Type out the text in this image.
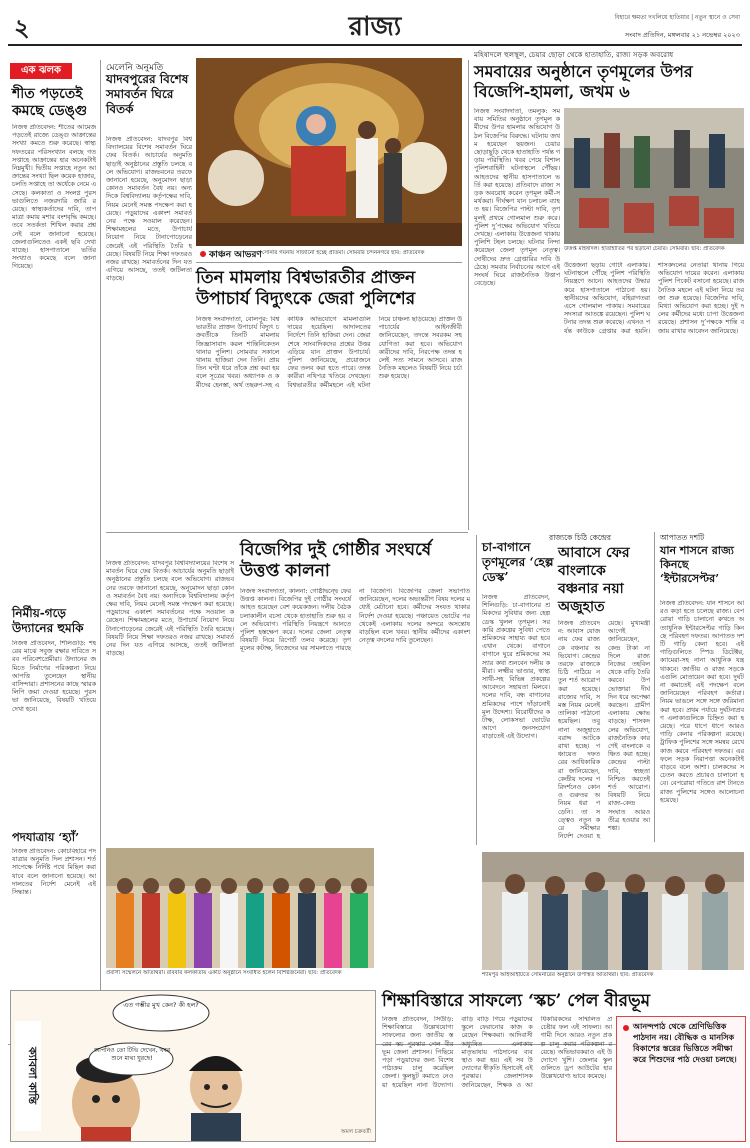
২	রাজ্য	বিহারে ক্ষমতা দখলিয়ে হাতিয়ার | নতুন স্থানে ও সেবা
সংবাদ প্রতিদিন, মঙ্গলবার ২১ নভেম্বর ২০২৩
এক ঝলক
শীত পড়তেই কমছে ডেঙ্গু
নিজস্ব প্রতিবেদন: শীতের আমেজ পড়তেই রাজ্যে ডেঙ্গু আক্রান্তের সংখ্যা কমতে শুরু করেছে। স্বাস্থ্য দফতরের পরিসংখ্যান বলছে গত সপ্তাহে আক্রান্তের হার অনেকটাই নিম্নমুখী। দ্বিতীয় সপ্তাহে নতুন আক্রান্তের সংখ্যা ছিল কয়েক হাজার, চলতি সপ্তাহে তা অর্ধেকে নেমে এসেছে। কলকাতা ও সংলগ্ন পুরসভাগুলিতে নজরদারি জারি রয়েছে। স্বাস্থ্যকর্তাদের দাবি, তাপমাত্রা কমায় মশার বংশবৃদ্ধি কমছে। তবে সতর্কতা শিথিল করার প্রশ্ন নেই বলে জানানো হয়েছে। জেলাগুলিতেও একই ছবি দেখা যাচ্ছে। হাসপাতালে ভর্তির সংখ্যাও কমেছে বলে জানা গিয়েছে।
নির্মীয়-গড়ে উদ্যানের হুমকি
নিজস্ব প্রতিবেদন, শিলিগুড়ি: শহরের মাঝে সবুজ রক্ষার দাবিতে সরব পরিবেশপ্রেমীরা। উদ্যানের জমিতে নির্মাণের পরিকল্পনা নিয়ে আপত্তি তুলেছেন স্থানীয় বাসিন্দারা। প্রশাসনের কাছে স্মারকলিপি জমা দেওয়া হয়েছে। পুরসভা জানিয়েছে, বিষয়টি খতিয়ে দেখা হবে।
পদযাত্রায় ‘হ্যাঁ’
নিজস্ব প্রতিবেদন: কোচবিহারে পদযাত্রার অনুমতি দিল প্রশাসন। শর্তসাপেক্ষে নির্দিষ্ট পথে মিছিল করা যাবে বলে জানানো হয়েছে। আদালতের নির্দেশ মেনেই এই সিদ্ধান্ত।
মেলেনি অনুমতি
যাদবপুরের বিশেষ সমাবর্তন ঘিরে বিতর্ক
নিজস্ব প্রতিবেদন: যাদবপুর বিশ্ববিদ্যালয়ের বিশেষ সমাবর্তন ঘিরে ফের বিতর্ক। আচার্যের অনুমতি ছাড়াই অনুষ্ঠানের প্রস্তুতি চলছে বলে অভিযোগ। রাজভবনের তরফে জানানো হয়েছে, অনুমোদন ছাড়া কোনও সমাবর্তন বৈধ নয়। অন্যদিকে বিশ্ববিদ্যালয় কর্তৃপক্ষের দাবি, নিয়ম মেনেই সমস্ত পদক্ষেপ করা হয়েছে। পড়ুয়াদের একাংশ সমাবর্তনের পক্ষে সওয়াল করেছেন। শিক্ষামহলের মতে, উপাচার্য নিয়োগ নিয়ে টানাপোড়েনের জেরেই এই পরিস্থিতি তৈরি হয়েছে। বিষয়টি নিয়ে শিক্ষা দফতরও নজর রাখছে। সমাবর্তনের দিন যত এগিয়ে আসছে, ততই জটিলতা বাড়ছে।
কাঞ্চন আভরণ সোনার গয়নায় সাজানো হচ্ছে প্রতিমা। সোমবার চন্দননগরে ছবি: প্রতিবেদক
তিন মামলায় বিশ্বভারতীর প্রাক্তন উপাচার্য বিদ্যুৎকে জেরা পুলিশের
নিজস্ব সংবাদদাতা, বোলপুর: বিশ্বভারতীর প্রাক্তন উপাচার্য বিদ্যুৎ চক্রবর্তীকে তিনটি মামলায় জিজ্ঞাসাবাদ করল শান্তিনিকেতন থানার পুলিশ। সোমবার সকালে থানায় হাজিরা দেন তিনি। প্রায় তিন ঘণ্টা ধরে তাঁকে প্রশ্ন করা হয় বলে সূত্রের খবর। অধ্যাপক ও কর্মীদের হেনস্তা, অর্থ তছরুপ-সহ একাধিক অভিযোগে মামলাগুলি দায়ের হয়েছিল। আদালতের নির্দেশে তিনি হাজিরা দেন। জেরা শেষে সাংবাদিকদের প্রশ্নের উত্তর এড়িয়ে যান প্রাক্তন উপাচার্য। পুলিশ জানিয়েছে, প্রয়োজনে ফের তলব করা হতে পারে। তদন্তকারীরা নথিপত্র খতিয়ে দেখছেন। বিশ্বভারতীর কর্মীমহলে এই ঘটনা নিয়ে চাঞ্চল্য ছড়িয়েছে। প্রাক্তন উপাচার্যের আইনজীবী জানিয়েছেন, তদন্তে সবরকম সহযোগিতা করা হবে। অভিযোগকারীদের দাবি, নিরপেক্ষ তদন্ত হলেই সত্য সামনে আসবে। রাজনৈতিক মহলেও বিষয়টি নিয়ে চর্চা শুরু হয়েছে।
মহিষাদলে হুলস্থূল, চেয়ার ছোড়া থেকে হাতাহাতি, রাজ্য সড়ক অবরোধ
সমবায়ের অনুষ্ঠানে তৃণমূলের উপর বিজেপি-হামলা, জখম ৬
নিজস্ব সংবাদদাতা, তমলুক: সমবায় সমিতির অনুষ্ঠানে তৃণমূল কর্মীদের উপর হামলার অভিযোগ উঠল বিজেপির বিরুদ্ধে। ঘটনায় জখম হয়েছেন ছয়জন। চেয়ার ছোড়াছুড়ি থেকে হাতাহাতি পর্যন্ত গড়ায় পরিস্থিতি। খবর পেয়ে বিশাল পুলিশবাহিনী ঘটনাস্থলে পৌঁছয়। আহতদের স্থানীয় হাসপাতালে ভর্তি করা হয়েছে। প্রতিবাদে রাজ্য সড়ক অবরোধ করেন তৃণমূল কর্মী-সমর্থকরা। দীর্ঘক্ষণ যান চলাচল ব্যাহত হয়। বিজেপির পাল্টা দাবি, তৃণমূলই প্রথমে গোলমাল শুরু করে। পুলিশ দু’পক্ষের অভিযোগ খতিয়ে দেখছে। এলাকায় উত্তেজনা থাকায় পুলিশি টহল চলছে। ঘটনার নিন্দা করেছেন জেলা তৃণমূল নেতৃত্ব। দোষীদের দ্রুত গ্রেপ্তারির দাবি উঠেছে। সমবায় নির্বাচনের আগে এই সংঘর্ষ ঘিরে রাজনৈতিক উত্তাপ বেড়েছে।
উত্তপ্ত মহিষাদল। হাতাহাতির পর ছড়ানো চেয়ার। সোমবার। ছবি: প্রতিবেদক
উত্তেজনা ছড়ায় গোটা এলাকায়। ঘটনাস্থলে পৌঁছে পুলিশ পরিস্থিতি নিয়ন্ত্রণে আনে। আহতদের উদ্ধার করে হাসপাতালে পাঠানো হয়। স্থানীয়দের অভিযোগ, বহিরাগতরা এসে গোলমাল পাকায়। সমবায়ের সদস্যরা আতঙ্কে রয়েছেন। পুলিশ ঘটনার তদন্ত শুরু করেছে। এখনও পর্যন্ত কাউকে গ্রেপ্তার করা হয়নি। শাসকদলের নেতারা থানায় গিয়ে অভিযোগ দায়ের করেন। এলাকায় পুলিশ পিকেট বসানো হয়েছে। রাজনৈতিক মহলে এই ঘটনা নিয়ে তরজা শুরু হয়েছে। বিজেপির দাবি, মিথ্যা অভিযোগ করা হচ্ছে। দুই দলের কর্মীদের মধ্যে চাপা উত্তেজনা রয়েছে। প্রশাসন দু’পক্ষকে শান্তি বজায় রাখার আবেদন জানিয়েছে।
বিজেপির দুই গোষ্ঠীর সংঘর্ষে উত্তপ্ত কালনা
নিজস্ব প্রতিবেদন: যাদবপুর বিশ্ববিদ্যালয়ের বিশেষ সমাবর্তন ঘিরে ফের বিতর্ক। আচার্যের অনুমতি ছাড়াই অনুষ্ঠানের প্রস্তুতি চলছে বলে অভিযোগ। রাজভবনের তরফে জানানো হয়েছে, অনুমোদন ছাড়া কোনও সমাবর্তন বৈধ নয়। অন্যদিকে বিশ্ববিদ্যালয় কর্তৃপক্ষের দাবি, নিয়ম মেনেই সমস্ত পদক্ষেপ করা হয়েছে। পড়ুয়াদের একাংশ সমাবর্তনের পক্ষে সওয়াল করেছেন। শিক্ষামহলের মতে, উপাচার্য নিয়োগ নিয়ে টানাপোড়েনের জেরেই এই পরিস্থিতি তৈরি হয়েছে। বিষয়টি নিয়ে শিক্ষা দফতরও নজর রাখছে। সমাবর্তনের দিন যত এগিয়ে আসছে, ততই জটিলতা বাড়ছে।
নিজস্ব সংবাদদাতা, কালনা: গোষ্ঠীদ্বন্দ্বে ফের উত্তপ্ত কালনা। বিজেপির দুই গোষ্ঠীর সংঘর্ষে আহত হয়েছেন বেশ কয়েকজন। দলীয় বৈঠক চলাকালীন বচসা থেকে হাতাহাতি শুরু হয় বলে অভিযোগ। পরিস্থিতি নিয়ন্ত্রণে আনতে পুলিশ হস্তক্ষেপ করে। দলের জেলা নেতৃত্ব বিষয়টি নিয়ে রিপোর্ট তলব করেছে। তৃণমূলের কটাক্ষ, নিজেদের ঘর সামলাতে পারছে না বিজেপি। বিজেপির জেলা সভাপতি জানিয়েছেন, দলের অভ্যন্তরীণ বিষয় দলের মধ্যেই মেটানো হবে। কর্মীদের সংযত থাকার নির্দেশ দেওয়া হয়েছে। পঞ্চায়েত ভোটের পর থেকেই এলাকায় দলের অন্দরে অসন্তোষ বাড়ছিল বলে খবর। স্থানীয় কর্মীদের একাংশ নেতৃত্ব বদলের দাবি তুলেছেন।
চা-বাগানে তৃণমূলের ‘হেল্প ডেস্ক’
নিজস্ব প্রতিবেদন, শিলিগুড়ি: চা-বাগানের শ্রমিকদের সুবিধার জন্য হেল্প ডেস্ক খুলল তৃণমূল। সরকারি প্রকল্পের সুবিধা পেতে শ্রমিকদের সাহায্য করা হবে এখান থেকে। বাগানে বাগানে ঘুরে শ্রমিকদের সমস্যার কথা শুনবেন দলীয় কর্মীরা। লক্ষ্মীর ভাণ্ডার, স্বাস্থ্যসাথী-সহ বিভিন্ন প্রকল্পের আবেদনে সহায়তা মিলবে। দলের দাবি, বন্ধ বাগানের শ্রমিকদের পাশে দাঁড়ানোই মূল উদ্দেশ্য। বিরোধীদের কটাক্ষ, লোকসভা ভোটের আগে জনসংযোগ বাড়াতেই এই উদ্যোগ।
রাজ্যকে চিঠি কেন্দ্রের
আবাসে ফের বাংলাকে বঞ্চনার নয়া অজুহাত
নিজস্ব প্রতিবেদন: আবাস যোজনায় ফের রাজ্যকে বঞ্চনার অভিযোগ। কেন্দ্রের তরফে রাজ্যকে চিঠি পাঠিয়ে নতুন শর্ত আরোপ করা হয়েছে। রাজ্যের দাবি, সমস্ত নিয়ম মেনেই তালিকা পাঠানো হয়েছিল। তবু নানা অজুহাতে বরাদ্দ আটকে রাখা হচ্ছে। পঞ্চায়েত দফতরের আধিকারিকরা জানিয়েছেন, কেন্দ্রীয় দলের পরিদর্শনেও কোনও গুরুতর অনিয়ম ধরা পড়েনি। তা সত্ত্বেও নতুন করে সমীক্ষার নির্দেশ দেওয়া হয়েছে। মুখ্যমন্ত্রী আগেই জানিয়েছেন, কেন্দ্র টাকা না দিলে রাজ্য নিজের তহবিল থেকে বাড়ি তৈরি করবে। উপভোক্তারা দীর্ঘদিন ধরে অপেক্ষা করছেন। গ্রামীণ এলাকায় ক্ষোভ বাড়ছে। শাসকদলের অভিযোগ, রাজনৈতিক কারণেই বাংলাকে বঞ্চিত করা হচ্ছে। কেন্দ্রের পাল্টা দাবি, স্বচ্ছতা নিশ্চিত করতেই শর্ত আরোপ। বিষয়টি নিয়ে রাজ্য-কেন্দ্র সংঘাত আরও তীব্র হওয়ার আশঙ্কা।
আপাতত দশটি
যান শাসনে রাজ্য কিনছে ‘ইন্টারসেপ্টর’
নিজস্ব প্রতিবেদন: যান শাসনে আরও কড়া হতে চলেছে রাজ্য। বেপরোয়া গাড়ি চালানো রুখতে অত্যাধুনিক ইন্টারসেপ্টর গাড়ি কিনছে পরিবহণ দফতর। আপাতত দশটি গাড়ি কেনা হবে। এই গাড়িগুলিতে স্পিড ডিটেক্টর, ক্যামেরা-সহ নানা আধুনিক যন্ত্র থাকবে। জাতীয় ও রাজ্য সড়কে এগুলি মোতায়েন করা হবে। দুর্ঘটনা কমাতেই এই পদক্ষেপ বলে জানিয়েছেন পরিবহণ কর্তারা। নিয়ম ভাঙলে সঙ্গে সঙ্গে জরিমানা করা হবে। প্রথম পর্যায়ে দুর্ঘটনাপ্রবণ এলাকাগুলিকে চিহ্নিত করা হয়েছে। পরে ধাপে ধাপে আরও গাড়ি কেনার পরিকল্পনা রয়েছে। ট্রাফিক পুলিশের সঙ্গে সমন্বয় রেখে কাজ করবে পরিবহণ দফতর। এর ফলে সড়ক নিরাপত্তা অনেকটাই বাড়বে বলে আশা। চালকদের সচেতন করতে প্রচারও চালানো হবে। বেপরোয়া গতিতে রাশ টানতে রাজ্য পুলিশের সঙ্গেও আলোচনা হয়েছে।
প্রবাসী সম্মেলনে অতিথিরা। রবিবার কলকাতায় একটি অনুষ্ঠানে সংবর্ধিত হলেন বিশিষ্টজনেরা। ছবি: প্রতিবেদক	শ্যামপুর আইআইটিতে সেমিনারের অনুষ্ঠানে উপস্থিত অতিথিরা। ছবি: প্রতিবেদক
ক্যাবলা কান্তি
এত গম্ভীর মুখ কেন? কী হল?
আপনিও তো টিভি দেখেন, খবর শুনে মাথা ঘুরছে!
অমল চক্রবর্তী
শিক্ষাবিস্তারে সাফল্যে ‘স্কচ’ পেল বীরভূম
নিজস্ব প্রতিবেদন, সিউড়ি: শিক্ষাবিস্তারে উল্লেখযোগ্য সাফল্যের জন্য জাতীয় স্তরের স্কচ পুরস্কার পেল বীরভূম জেলা প্রশাসন। পিছিয়ে পড়া পড়ুয়াদের জন্য বিশেষ পাঠ্যক্রম চালু করেছিল জেলা। স্কুলছুট কমাতে নেওয়া হয়েছিল নানা উদ্যোগ। বাড়ি বাড়ি গিয়ে পড়ুয়াদের স্কুলে ফেরানোর কাজ করেছেন শিক্ষকরা। আদিবাসী অধ্যুষিত এলাকায় মাতৃভাষায় পাঠদানের ব্যবস্থাও করা হয়। এই সব উদ্যোগের স্বীকৃতি হিসাবেই এই পুরস্কার। জেলাশাসক জানিয়েছেন, শিক্ষক ও আধিকারিকদের সম্মিলিত প্রচেষ্টার ফল এই সাফল্য। আগামী দিনে আরও নতুন প্রকল্প চালু করার পরিকল্পনা রয়েছে। অভিভাবকরাও এই উদ্যোগে খুশি। জেলার স্কুলগুলিতে ড্রপ আউটের হার উল্লেখযোগ্য ভাবে কমেছে।
আনন্দপাঠ থেকে শ্রেণিভিত্তিক পাঠদান নয়। বৌদ্ধিক ও মানসিক বিকাশের স্তরের ভিত্তিতে সমীক্ষা করে শিশুদের পাঠ দেওয়া চলছে।
